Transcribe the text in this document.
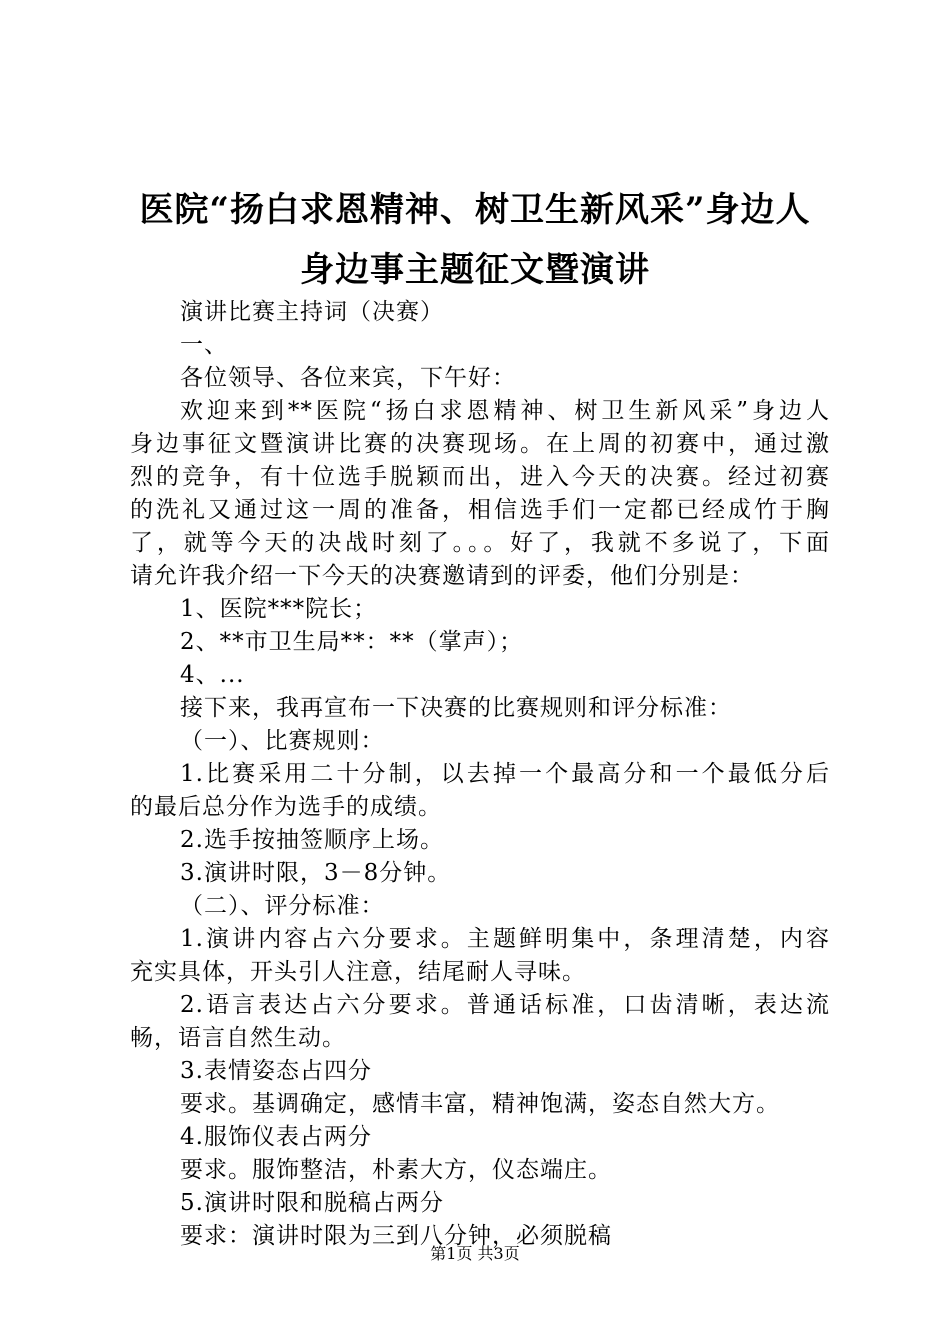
医院“扬白求恩精神、树卫生新风采”身边人
身边事主题征文暨演讲
演讲比赛主持词（决赛）
一、
各位领导、各位来宾，下午好：
欢迎来到**医院“扬白求恩精神、树卫生新风采”身边人
身边事征文暨演讲比赛的决赛现场。在上周的初赛中，通过激
烈的竞争，有十位选手脱颖而出，进入今天的决赛。经过初赛
的洗礼又通过这一周的准备，相信选手们一定都已经成竹于胸
了，就等今天的决战时刻了。。。好了，我就不多说了，下面
请允许我介绍一下今天的决赛邀请到的评委，他们分别是：
1、医院***院长；
2、**市卫生局**：**（掌声）；
4、...
接下来，我再宣布一下决赛的比赛规则和评分标准：
（一）、比赛规则：
1.比赛采用二十分制，以去掉一个最高分和一个最低分后
的最后总分作为选手的成绩。
2.选手按抽签顺序上场。
3.演讲时限，3－8分钟。
（二）、评分标准：
1.演讲内容占六分要求。主题鲜明集中，条理清楚，内容
充实具体，开头引人注意，结尾耐人寻味。
2.语言表达占六分要求。普通话标准，口齿清晰，表达流
畅，语言自然生动。
3.表情姿态占四分
要求。基调确定，感情丰富，精神饱满，姿态自然大方。
4.服饰仪表占两分
要求。服饰整洁，朴素大方，仪态端庄。
5.演讲时限和脱稿占两分
要求：演讲时限为三到八分钟，必须脱稿
第1页 共3页
